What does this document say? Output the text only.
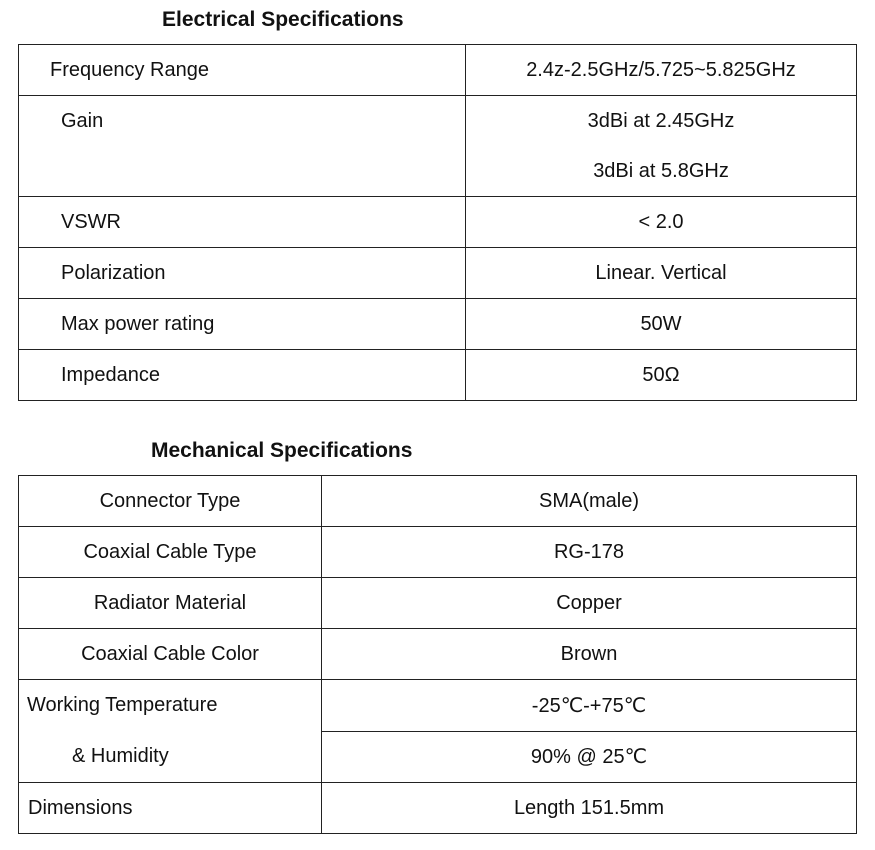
Electrical Specifications
Frequency Range	2.4z-2.5GHz/5.725~5.825GHz
Gain	3dBi at 2.45GHz
3dBi at 5.8GHz

VSWR	< 2.0
Polarization	Linear. Vertical
Max power rating	50W
Impedance	50Ω
Mechanical Specifications
Connector Type	SMA(male)
Coaxial Cable Type	RG-178
Radiator Material	Copper
Coaxial Cable Color	Brown

Working Temperature
& Humidity	-25℃-+75℃
	90% @ 25℃
Dimensions	Length 151.5mm
